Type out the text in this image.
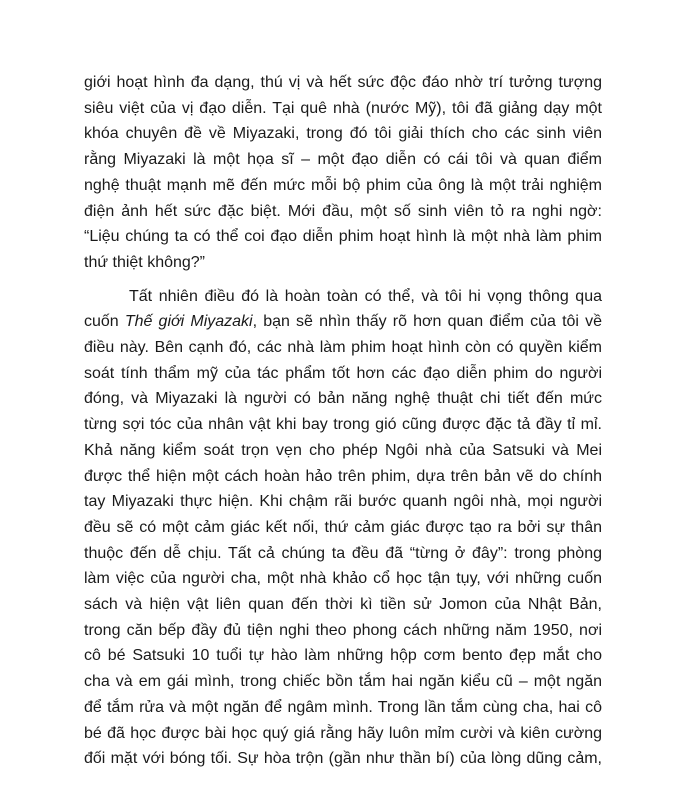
giới hoạt hình đa dạng, thú vị và hết sức độc đáo nhờ trí tưởng tượng
siêu việt của vị đạo diễn. Tại quê nhà (nước Mỹ), tôi đã giảng dạy một
khóa chuyên đề về Miyazaki, trong đó tôi giải thích cho các sinh viên
rằng Miyazaki là một họa sĩ – một đạo diễn có cái tôi và quan điểm
nghệ thuật mạnh mẽ đến mức mỗi bộ phim của ông là một trải nghiệm
điện ảnh hết sức đặc biệt. Mới đầu, một số sinh viên tỏ ra nghi ngờ:
“Liệu chúng ta có thể coi đạo diễn phim hoạt hình là một nhà làm phim
thứ thiệt không?”

Tất nhiên điều đó là hoàn toàn có thể, và tôi hi vọng thông qua
cuốn Thế giới Miyazaki, bạn sẽ nhìn thấy rõ hơn quan điểm của tôi về
điều này. Bên cạnh đó, các nhà làm phim hoạt hình còn có quyền kiểm
soát tính thẩm mỹ của tác phẩm tốt hơn các đạo diễn phim do người
đóng, và Miyazaki là người có bản năng nghệ thuật chi tiết đến mức
từng sợi tóc của nhân vật khi bay trong gió cũng được đặc tả đầy tỉ mỉ.
Khả năng kiểm soát trọn vẹn cho phép Ngôi nhà của Satsuki và Mei
được thể hiện một cách hoàn hảo trên phim, dựa trên bản vẽ do chính
tay Miyazaki thực hiện. Khi chậm rãi bước quanh ngôi nhà, mọi người
đều sẽ có một cảm giác kết nối, thứ cảm giác được tạo ra bởi sự thân
thuộc đến dễ chịu. Tất cả chúng ta đều đã “từng ở đây”: trong phòng
làm việc của người cha, một nhà khảo cổ học tận tụy, với những cuốn
sách và hiện vật liên quan đến thời kì tiền sử Jomon của Nhật Bản,
trong căn bếp đầy đủ tiện nghi theo phong cách những năm 1950, nơi
cô bé Satsuki 10 tuổi tự hào làm những hộp cơm bento đẹp mắt cho
cha và em gái mình, trong chiếc bồn tắm hai ngăn kiểu cũ – một ngăn
để tắm rửa và một ngăn để ngâm mình. Trong lần tắm cùng cha, hai cô
bé đã học được bài học quý giá rằng hãy luôn mỉm cười và kiên cường
đối mặt với bóng tối. Sự hòa trộn (gần như thần bí) của lòng dũng cảm,
